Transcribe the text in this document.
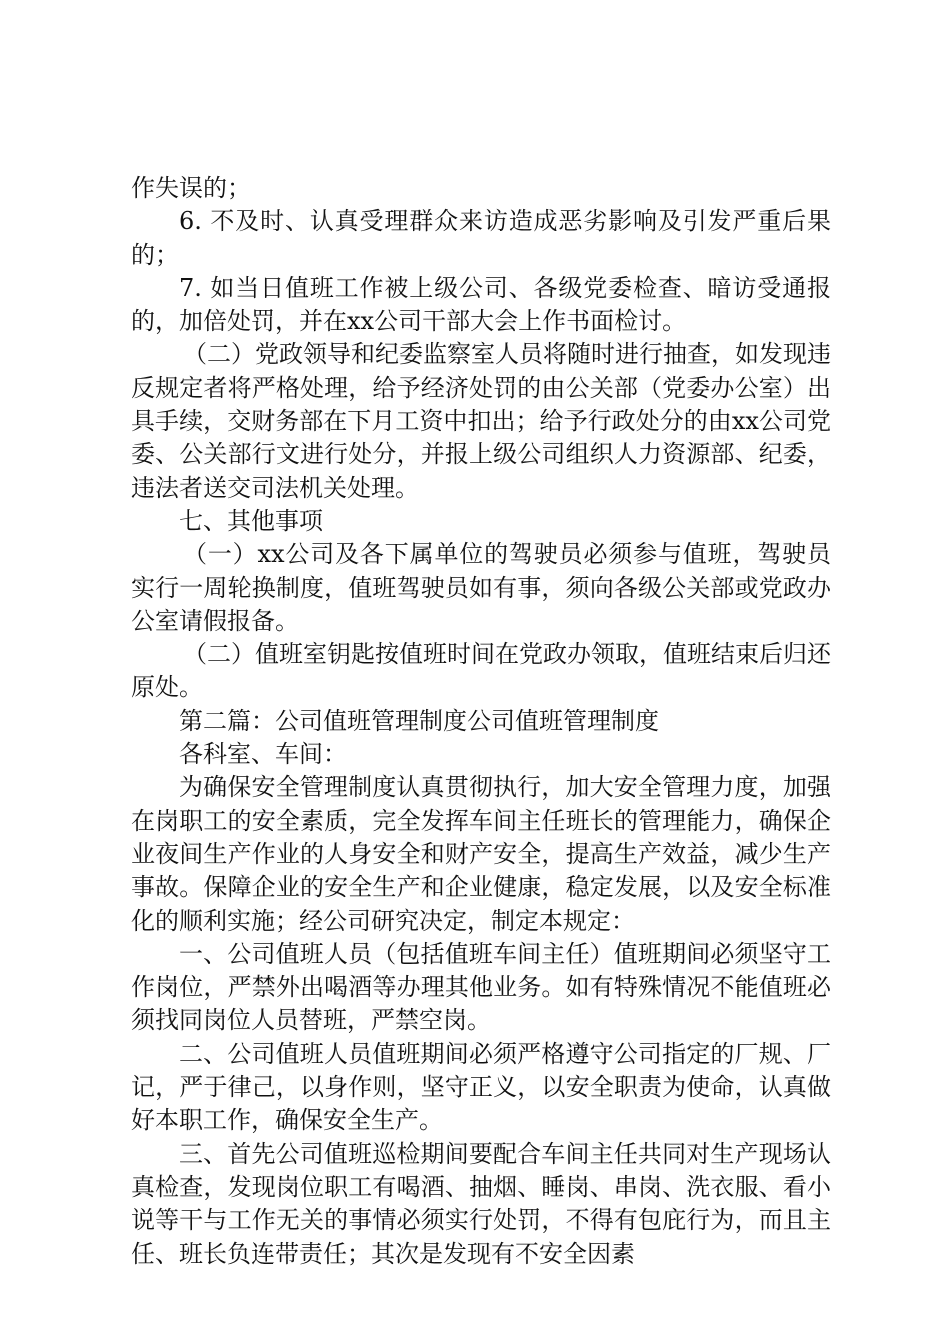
作失误的；

6. 不及时、认真受理群众来访造成恶劣影响及引发严重后果的；

7. 如当日值班工作被上级公司、各级党委检查、暗访受通报的，加倍处罚，并在xx公司干部大会上作书面检讨。

（二）党政领导和纪委监察室人员将随时进行抽查，如发现违反规定者将严格处理，给予经济处罚的由公关部（党委办公室）出具手续，交财务部在下月工资中扣出；给予行政处分的由xx公司党委、公关部行文进行处分，并报上级公司组织人力资源部、纪委，违法者送交司法机关处理。

七、其他事项

（一）xx公司及各下属单位的驾驶员必须参与值班，驾驶员实行一周轮换制度，值班驾驶员如有事，须向各级公关部或党政办公室请假报备。

（二）值班室钥匙按值班时间在党政办领取，值班结束后归还原处。

第二篇：公司值班管理制度公司值班管理制度

各科室、车间：

为确保安全管理制度认真贯彻执行，加大安全管理力度，加强在岗职工的安全素质，完全发挥车间主任班长的管理能力，确保企业夜间生产作业的人身安全和财产安全，提高生产效益，减少生产事故。保障企业的安全生产和企业健康，稳定发展，以及安全标准化的顺利实施；经公司研究决定，制定本规定：

一、公司值班人员（包括值班车间主任）值班期间必须坚守工作岗位，严禁外出喝酒等办理其他业务。如有特殊情况不能值班必须找同岗位人员替班，严禁空岗。

二、公司值班人员值班期间必须严格遵守公司指定的厂规、厂记，严于律己，以身作则，坚守正义，以安全职责为使命，认真做好本职工作，确保安全生产。

三、首先公司值班巡检期间要配合车间主任共同对生产现场认真检查，发现岗位职工有喝酒、抽烟、睡岗、串岗、洗衣服、看小说等干与工作无关的事情必须实行处罚，不得有包庇行为，而且主任、班长负连带责任；其次是发现有不安全因素
